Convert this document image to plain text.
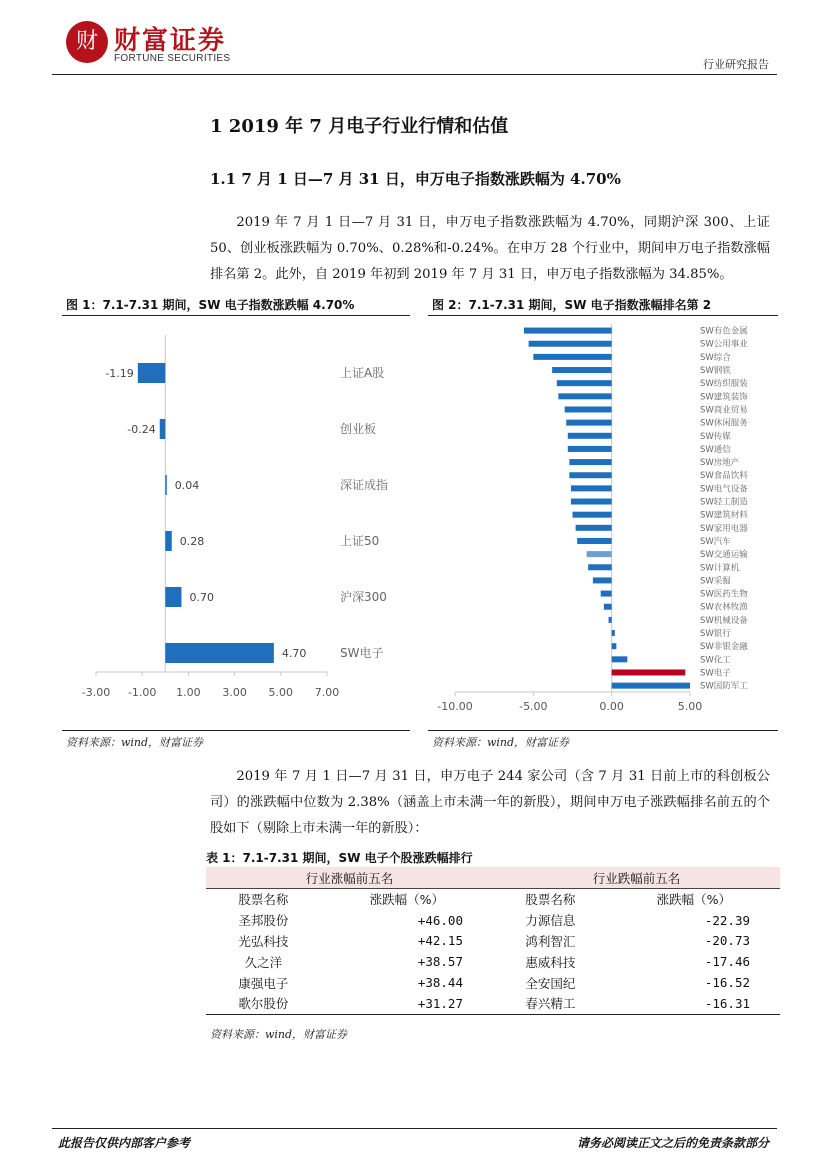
财 财富证券
FORTUNE SECURITIES	行业研究报告
1 2019 年 7 月电子行业行情和估值
1.1 7 月 1 日—7 月 31 日，申万电子指数涨跌幅为 4.70%

2019 年 7 月 1 日—7 月 31 日，申万电子指数涨跌幅为 4.70%，同期沪深 300、上证 50、创业板涨跌幅为 0.70%、0.28%和-0.24%。在申万 28 个行业中，期间申万电子指数涨幅排名第 2。此外，自 2019 年初到 2019 年 7 月 31 日，申万电子指数涨幅为 34.85%。

图 1：7.1-7.31 期间，SW 电子指数涨跌幅 4.70%	图 2：7.1-7.31 期间，SW 电子指数涨幅排名第 2
-3.00 -1.00 1.00 3.00 5.00 7.00
-1.19	上证A股
-0.24	创业板
0.04	深证成指
0.28	上证50
0.70	沪深300
4.70	SW电子
-10.00	-5.00	0.00	5.00
SW有色金属
SW公用事业
SW综合
SW钢铁
SW纺织服装
SW建筑装饰
SW商业贸易
SW休闲服务
SW传媒
SW通信
SW房地产
SW食品饮料
SW电气设备
SW轻工制造
SW建筑材料
SW家用电器
SW汽车
SW交通运输
SW计算机
SW采掘
SW医药生物
SW农林牧渔
SW机械设备
SW银行
SW非银金融
SW化工
SW电子
SW国防军工
资料来源：wind，财富证券	资料来源：wind，财富证券

2019 年 7 月 1 日—7 月 31 日，申万电子 244 家公司（含 7 月 31 日前上市的科创板公司）的涨跌幅中位数为 2.38%（涵盖上市未满一年的新股），期间申万电子涨跌幅排名前五的个股如下（剔除上市未满一年的新股）：

表 1：7.1-7.31 期间，SW 电子个股涨跌幅排行
行业涨幅前五名		行业跌幅前五名	
股票名称	涨跌幅（%）	股票名称	涨跌幅（%）
圣邦股份	+46.00	力源信息	-22.39
光弘科技	+42.15	鸿利智汇	-20.73
久之洋	+38.57	惠威科技	-17.46
康强电子	+38.44	全安国纪	-16.52
歌尔股份	+31.27	春兴精工	-16.31
资料来源：wind，财富证券
此报告仅供内部客户参考	请务必阅读正文之后的免责条款部分
